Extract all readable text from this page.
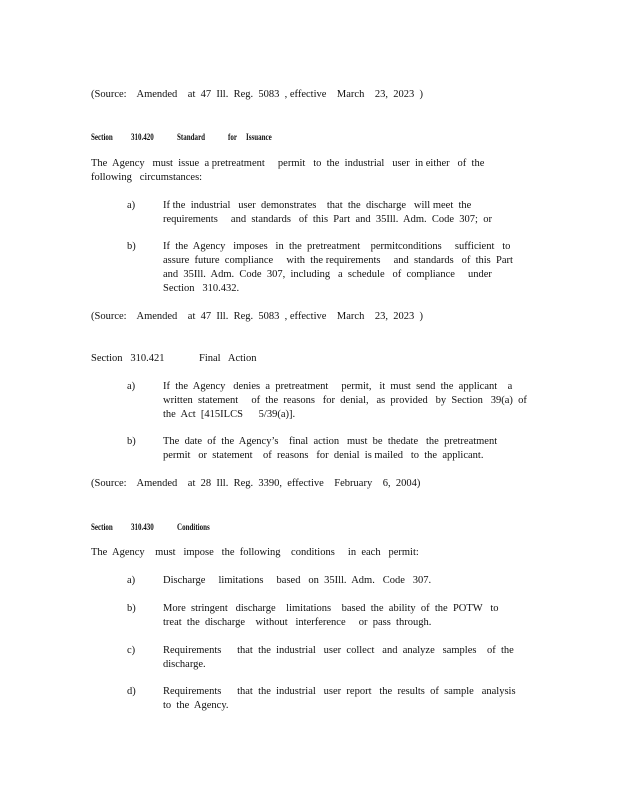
(Source:    Amended    at  47  Ill.  Reg.  5083  , effective    March    23,  2023  )
Section 310.420	Standard	for Issuance
The  Agency   must  issue  a pretreatment     permit   to  the  industrial   user  in either   of  the
following   circumstances:
a)	If the  industrial   user  demonstrates    that  the  discharge   will meet  the
requirements     and  standards   of  this  Part  and  35Ill.  Adm.  Code  307;  or
b)	If  the  Agency   imposes   in  the  pretreatment    permitconditions     sufficient   to
assure  future  compliance     with  the requirements     and  standards   of  this  Part
and  35Ill.  Adm.  Code  307,  including   a  schedule   of  compliance     under
Section   310.432.
(Source:    Amended    at  47  Ill.  Reg.  5083  , effective    March    23,  2023  )
Section   310.421	Final   Action
a)	If  the  Agency   denies  a  pretreatment     permit,   it  must  send  the  applicant    a
written  statement     of  the  reasons   for  denial,   as  provided   by  Section   39(a)  of
the  Act  [415ILCS      5/39(a)].
b)	The  date  of  the  Agency’s    final  action   must  be  thedate   the  pretreatment
permit   or  statement    of  reasons   for  denial  is mailed   to  the  applicant.
(Source:    Amended    at  28  Ill.  Reg.  3390,  effective    February    6,  2004)
Section 310.430	Conditions
The  Agency    must   impose   the  following    conditions     in  each   permit:
a)	Discharge     limitations     based   on  35Ill.  Adm.   Code   307.
b)	More  stringent   discharge    limitations    based  the  ability  of  the  POTW   to
treat  the  discharge    without   interference     or  pass  through.
c)	Requirements      that  the  industrial   user  collect   and  analyze   samples    of  the
discharge.
d)	Requirements      that  the  industrial   user  report   the  results  of  sample   analysis
to  the  Agency.
